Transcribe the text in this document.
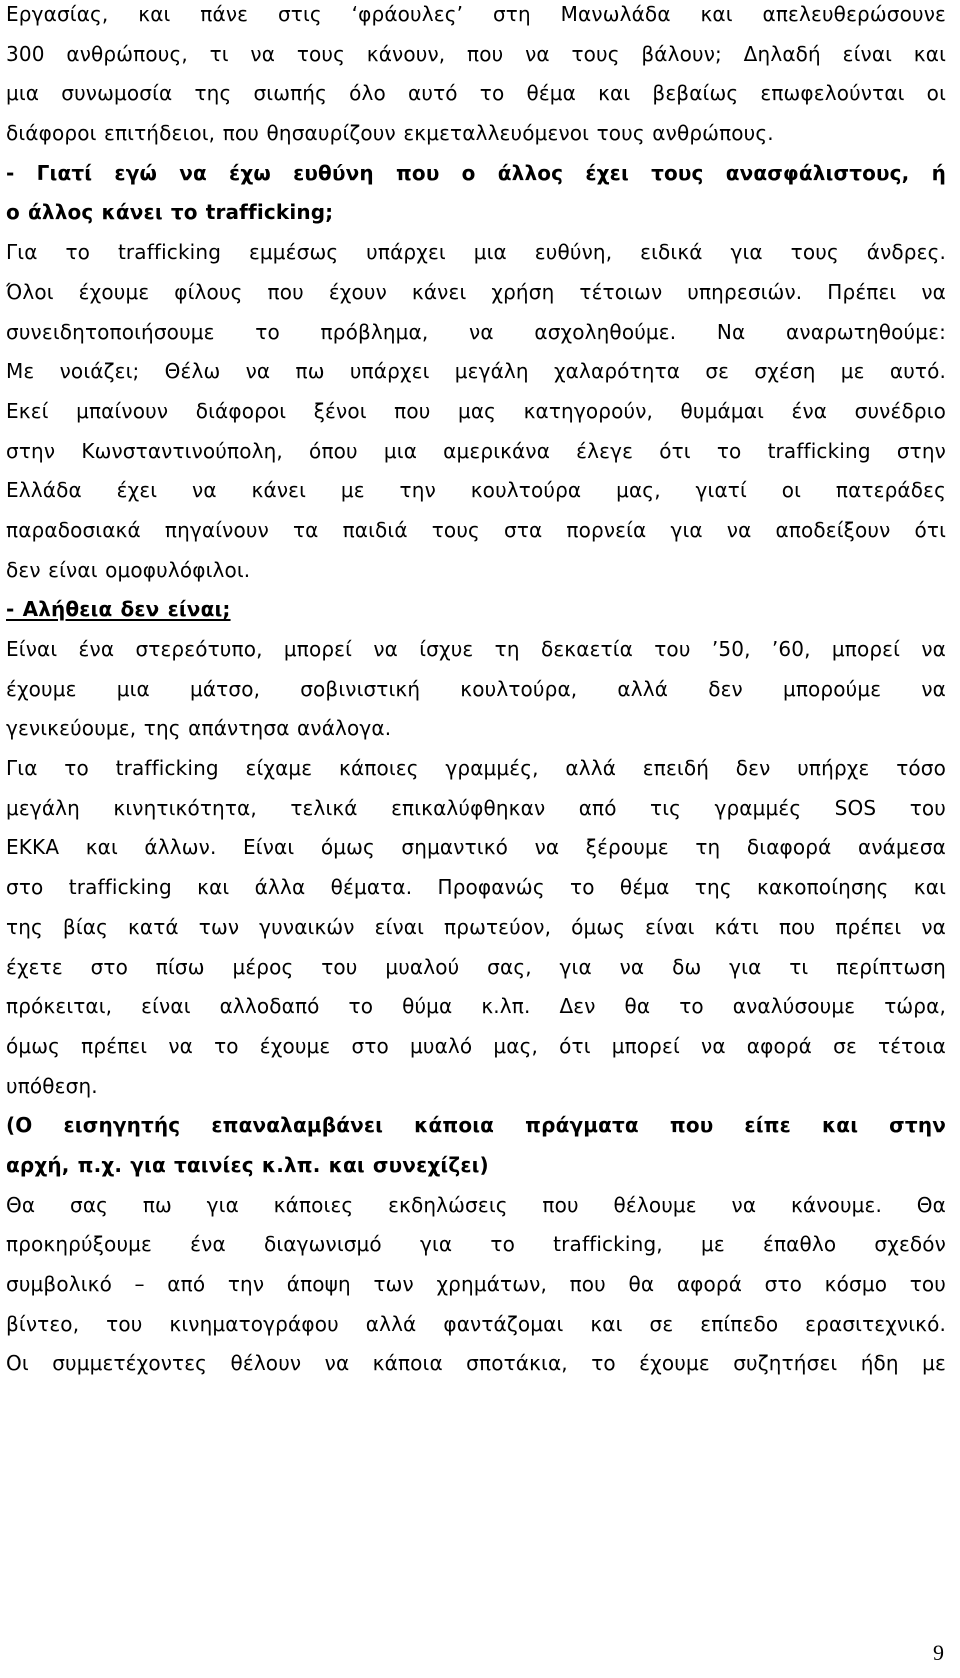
Εργασίας, και πάνε στις ‘φράουλες’ στη Μανωλάδα και απελευθερώσουνε
300 ανθρώπους, τι να τους κάνουν, που να τους βάλουν; Δηλαδή είναι και
μια συνωμοσία της σιωπής όλο αυτό το θέμα και βεβαίως επωφελούνται οι
διάφοροι επιτήδειοι, που θησαυρίζουν εκμεταλλευόμενοι τους ανθρώπους.
- Γιατί εγώ να έχω ευθύνη που ο άλλος έχει τους ανασφάλιστους, ή
ο άλλος κάνει το trafficking;
Για το trafficking εμμέσως υπάρχει μια ευθύνη, ειδικά για τους άνδρες.
Όλοι έχουμε φίλους που έχουν κάνει χρήση τέτοιων υπηρεσιών. Πρέπει να
συνειδητοποιήσουμε το πρόβλημα, να ασχοληθούμε. Να αναρωτηθούμε:
Με νοιάζει; Θέλω να πω υπάρχει μεγάλη χαλαρότητα σε σχέση με αυτό.
Εκεί μπαίνουν διάφοροι ξένοι που μας κατηγορούν, θυμάμαι ένα συνέδριο
στην Κωνσταντινούπολη, όπου μια αμερικάνα έλεγε ότι το trafficking στην
Ελλάδα έχει να κάνει με την κουλτούρα μας, γιατί οι πατεράδες
παραδοσιακά πηγαίνουν τα παιδιά τους στα πορνεία για να αποδείξουν ότι
δεν είναι ομοφυλόφιλοι.
- Αλήθεια δεν είναι;
Είναι ένα στερεότυπο, μπορεί να ίσχυε τη δεκαετία του ’50, ’60, μπορεί να
έχουμε μια μάτσο, σοβινιστική κουλτούρα, αλλά δεν μπορούμε να
γενικεύουμε, της απάντησα ανάλογα.
Για το trafficking είχαμε κάποιες γραμμές, αλλά επειδή δεν υπήρχε τόσο
μεγάλη κινητικότητα, τελικά επικαλύφθηκαν από τις γραμμές SOS του
ΕΚΚΑ και άλλων. Είναι όμως σημαντικό να ξέρουμε τη διαφορά ανάμεσα
στο trafficking και άλλα θέματα. Προφανώς το θέμα της κακοποίησης και
της βίας κατά των γυναικών είναι πρωτεύον, όμως είναι κάτι που πρέπει να
έχετε στο πίσω μέρος του μυαλού σας, για να δω για τι περίπτωση
πρόκειται, είναι αλλοδαπό το θύμα κ.λπ. Δεν θα το αναλύσουμε τώρα,
όμως πρέπει να το έχουμε στο μυαλό μας, ότι μπορεί να αφορά σε τέτοια
υπόθεση.
(Ο εισηγητής επαναλαμβάνει κάποια πράγματα που είπε και στην
αρχή, π.χ. για ταινίες κ.λπ. και συνεχίζει)
Θα σας πω για κάποιες εκδηλώσεις που θέλουμε να κάνουμε. Θα
προκηρύξουμε ένα διαγωνισμό για το trafficking, με έπαθλο σχεδόν
συμβολικό – από την άποψη των χρημάτων, που θα αφορά στο κόσμο του
βίντεο, του κινηματογράφου αλλά φαντάζομαι και σε επίπεδο ερασιτεχνικό.
Οι συμμετέχοντες θέλουν να κάποια σποτάκια, το έχουμε συζητήσει ήδη με
9
